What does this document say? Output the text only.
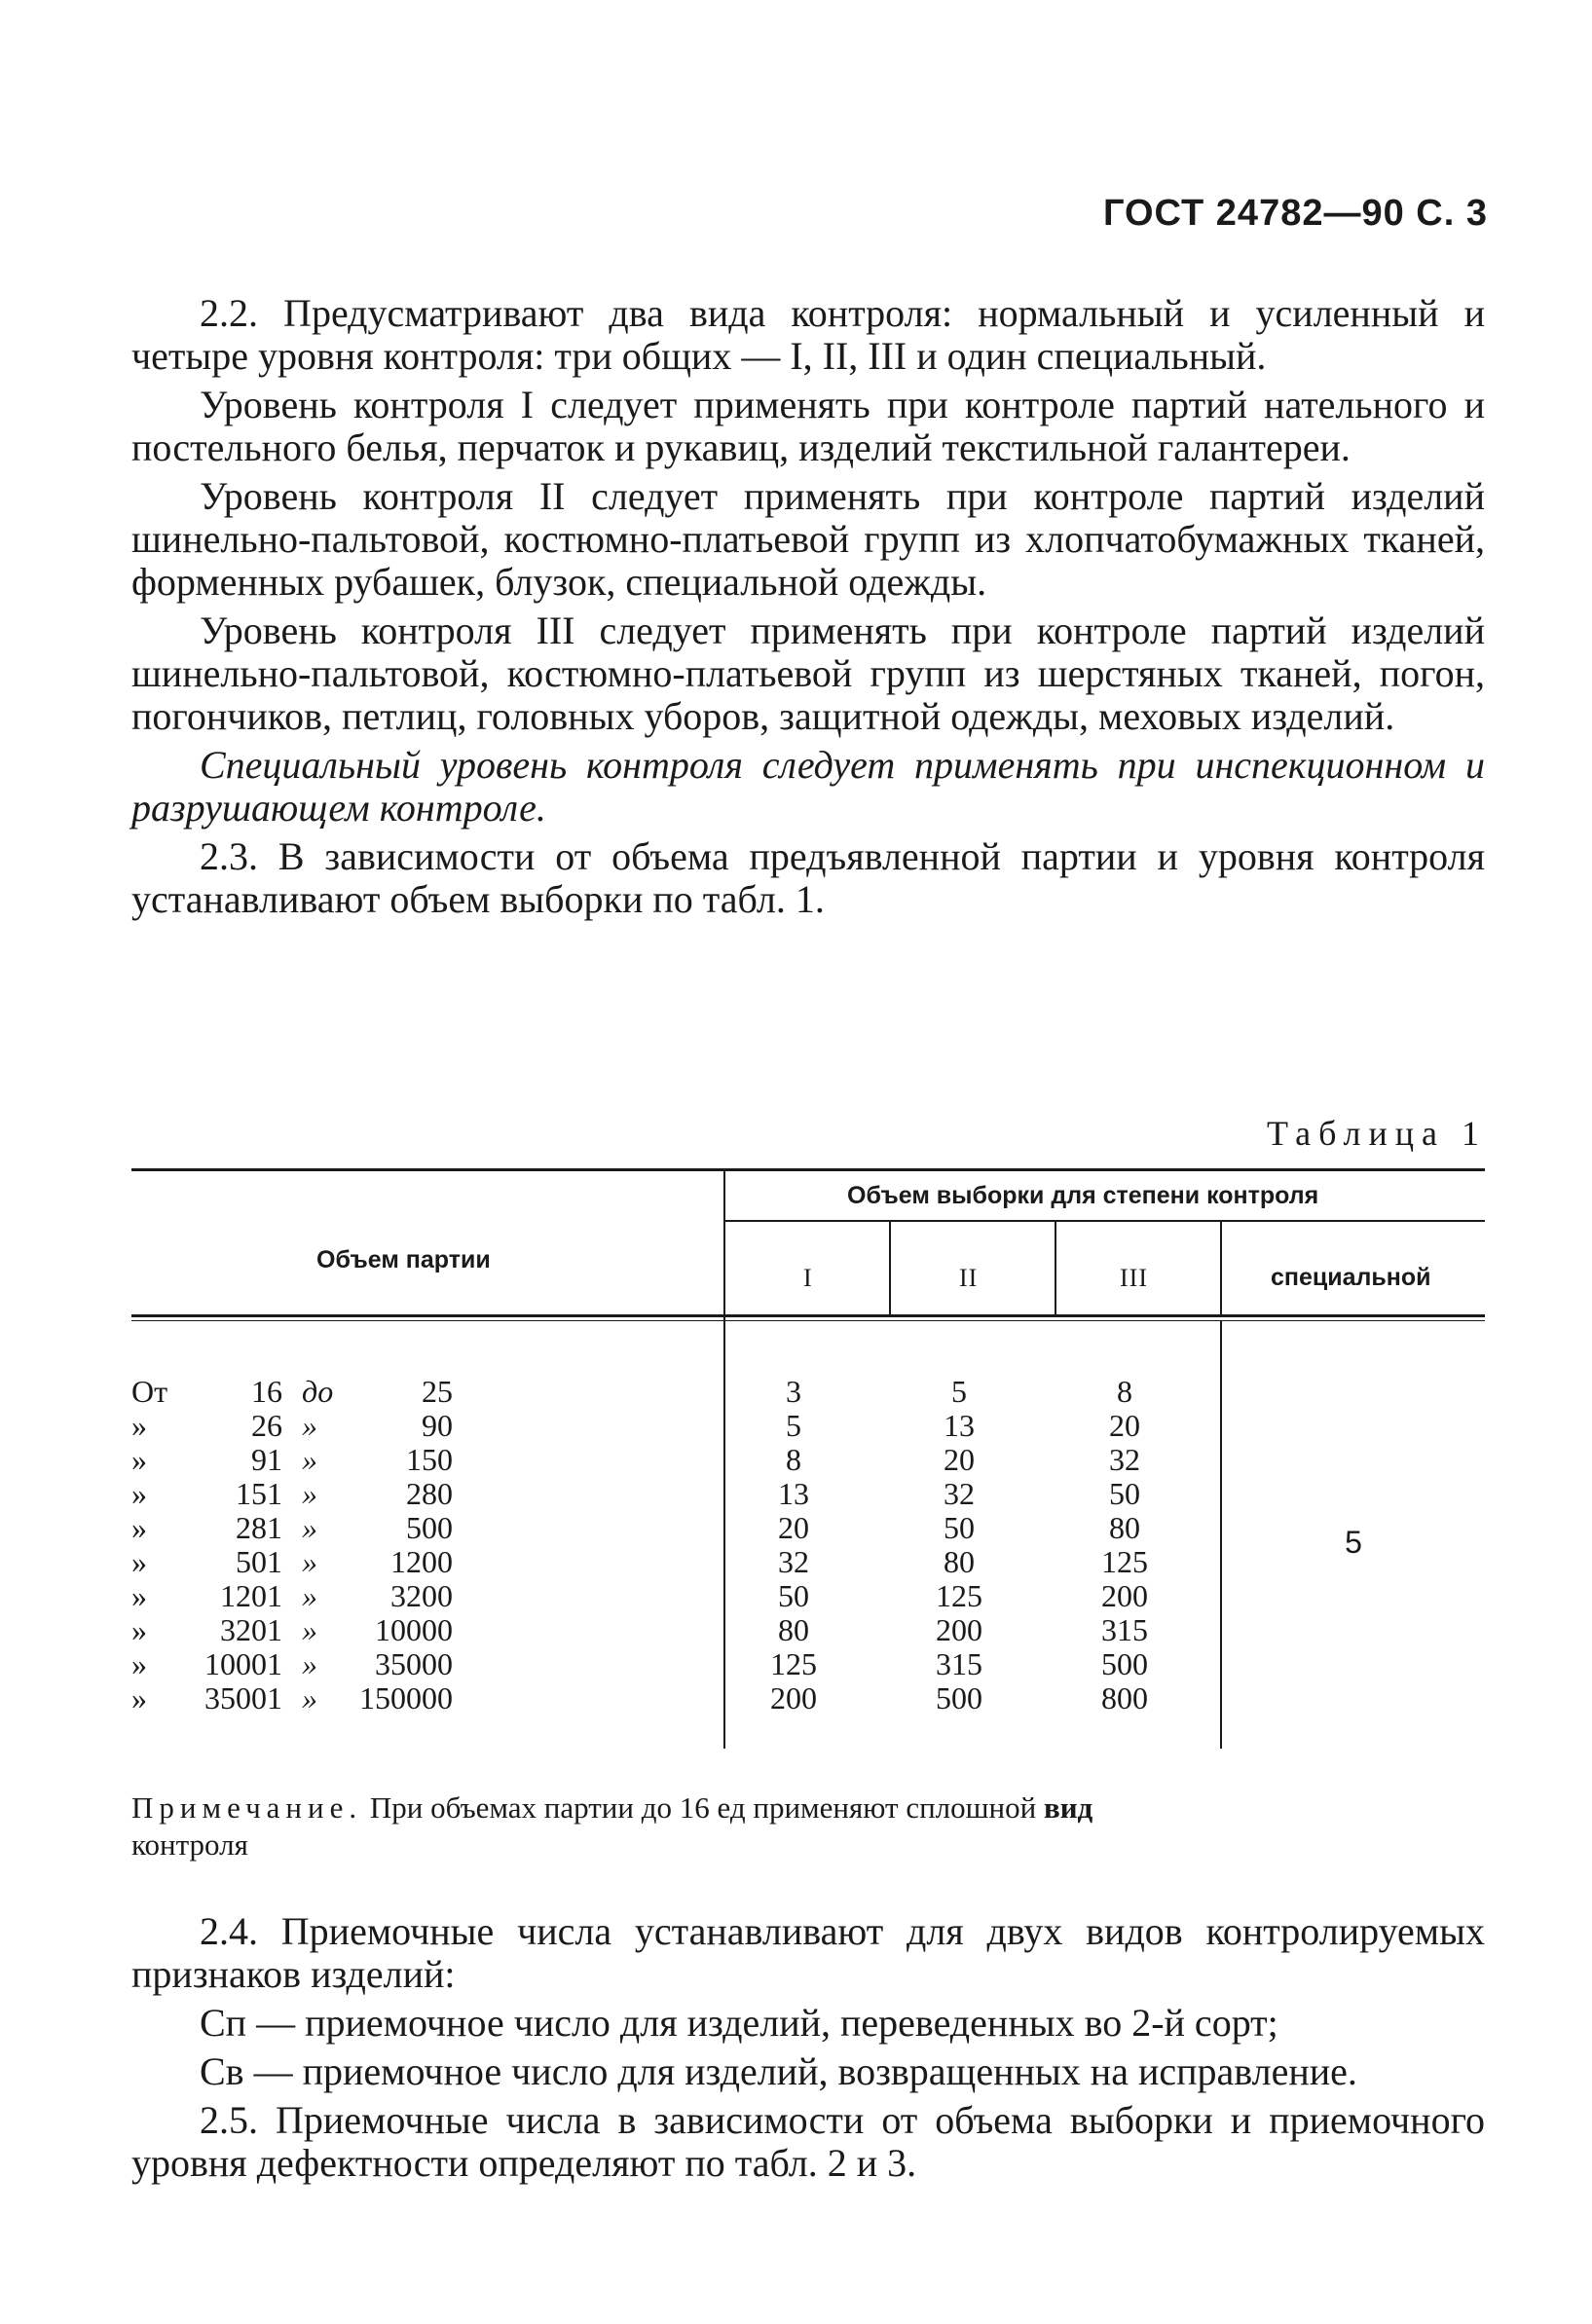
ГОСТ 24782—90 С. 3

2.2. Предусматривают два вида контроля: нормальный и усиленный и четыре уровня контроля: три общих — I, II, III и один специальный.

Уровень контроля I следует применять при контроле партий нательного и постельного белья, перчаток и рукавиц, изделий текстильной галантереи.

Уровень контроля II следует применять при контроле партий изделий шинельно-пальтовой, костюмно-платьевой групп из хлопчатобумажных тканей, форменных рубашек, блузок, специальной одежды.

Уровень контроля III следует применять при контроле партий изделий шинельно-пальтовой, костюмно-платьевой групп из шерстяных тканей, погон, погончиков, петлиц, головных уборов, защитной одежды, меховых изделий.

Специальный уровень контроля следует применять при инспекционном и разрушающем контроле.

2.3. В зависимости от объема предъявленной партии и уровня контроля устанавливают объем выборки по табл. 1.

Таблица 1
Объем партии
Объем выборки для степени контроля
I	II	III	специальной
От	16 до	25	3	5	8
»	26 »	90	5	13	20
»	91 »	150	8	20	32
»	151 »	280	13	32	50
»	281 »	500	20	50	80
»	501 »	1200	32	80	125
»	1201 »	3200	50	125	200
»	3201 »	10000	80	200	315
»	10001 »	35000	125	315	500
»	35001 »	150000	200	500	800
5
Примечание. При объемах партии до 16 ед применяют сплошной вид
контроля

2.4. Приемочные числа устанавливают для двух видов контролируемых признаков изделий:

Сп — приемочное число для изделий, переведенных во 2-й сорт;

Св — приемочное число для изделий, возвращенных на исправление.

2.5. Приемочные числа в зависимости от объема выборки и приемочного уровня дефектности определяют по табл. 2 и 3.
